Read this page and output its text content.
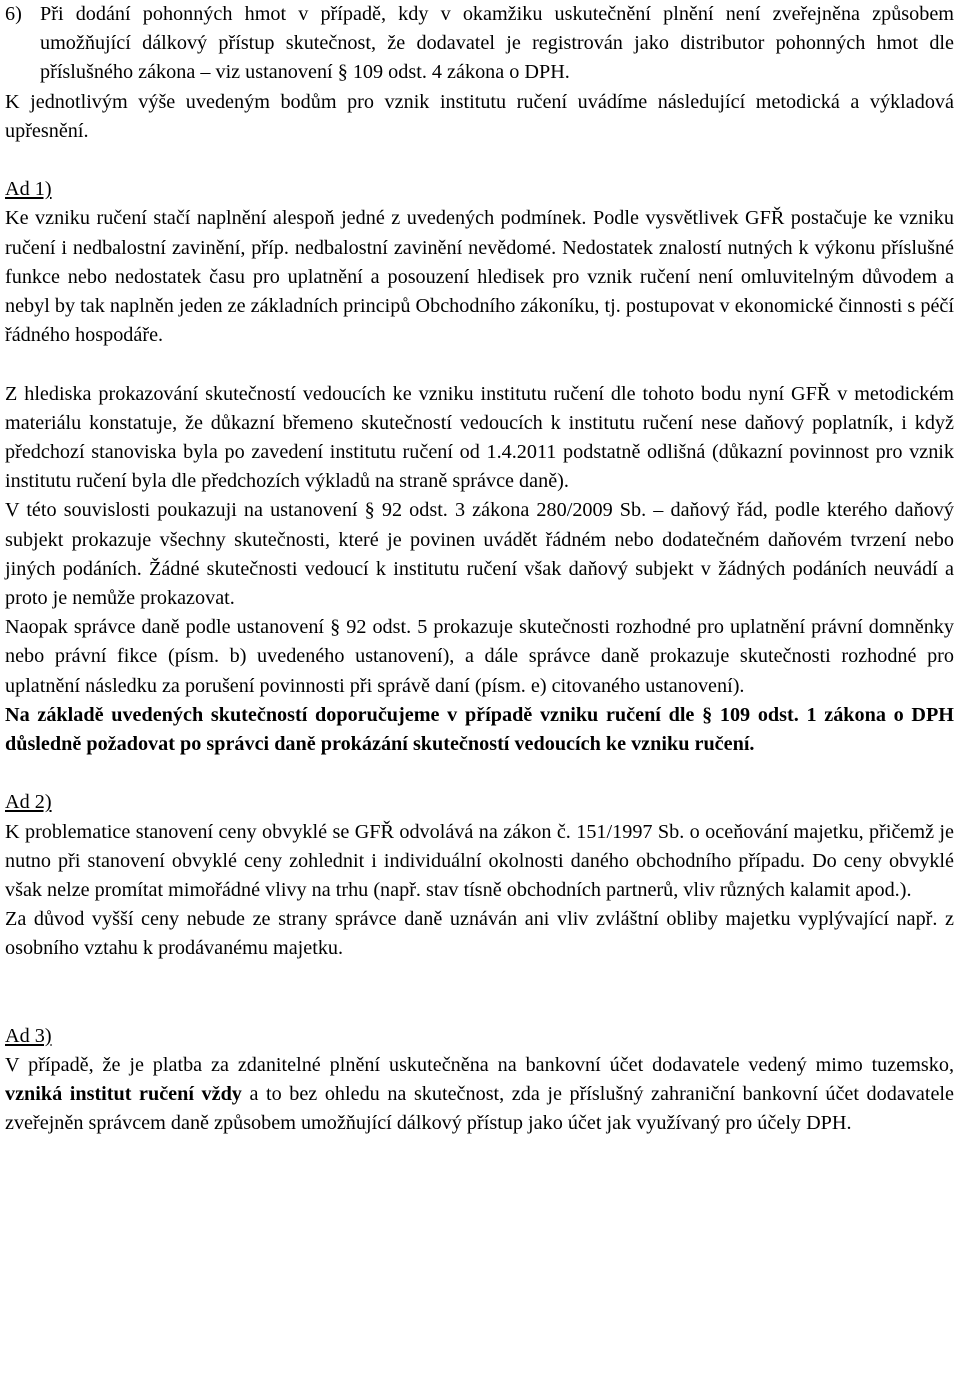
6) Při dodání pohonných hmot v případě, kdy v okamžiku uskutečnění plnění není zveřejněna způsobem umožňující dálkový přístup skutečnost, že dodavatel je registrován jako distributor pohonných hmot dle příslušného zákona – viz ustanovení § 109 odst. 4 zákona o DPH.

K jednotlivým výše uvedeným bodům pro vznik institutu ručení uvádíme následující metodická a výkladová upřesnění.

Ad 1)

Ke vzniku ručení stačí naplnění alespoň jedné z uvedených podmínek. Podle vysvětlivek GFŘ postačuje ke vzniku ručení i nedbalostní zavinění, příp. nedbalostní zavinění nevědomé. Nedostatek znalostí nutných k výkonu příslušné funkce nebo nedostatek času pro uplatnění a posouzení hledisek pro vznik ručení není omluvitelným důvodem a nebyl by tak naplněn jeden ze základních principů Obchodního zákoníku, tj. postupovat v ekonomické činnosti s péčí řádného hospodáře.

Z hlediska prokazování skutečností vedoucích ke vzniku institutu ručení dle tohoto bodu nyní GFŘ v metodickém materiálu konstatuje, že důkazní břemeno skutečností vedoucích k institutu ručení nese daňový poplatník, i když předchozí stanoviska byla po zavedení institutu ručení od 1.4.2011 podstatně odlišná (důkazní povinnost pro vznik institutu ručení byla dle předchozích výkladů na straně správce daně).

V této souvislosti poukazuji na ustanovení § 92 odst. 3 zákona 280/2009 Sb. – daňový řád, podle kterého daňový subjekt prokazuje všechny skutečnosti, které je povinen uvádět řádném nebo dodatečném daňovém tvrzení nebo jiných podáních. Žádné skutečnosti vedoucí k institutu ručení však daňový subjekt v žádných podáních neuvádí a proto je nemůže prokazovat.

Naopak správce daně podle ustanovení § 92 odst. 5 prokazuje skutečnosti rozhodné pro uplatnění právní domněnky nebo právní fikce (písm. b) uvedeného ustanovení), a dále správce daně prokazuje skutečnosti rozhodné pro uplatnění následku za porušení povinnosti při správě daní (písm. e) citovaného ustanovení).

Na základě uvedených skutečností doporučujeme v případě vzniku ručení dle § 109 odst. 1 zákona o DPH důsledně požadovat po správci daně prokázání skutečností vedoucích ke vzniku ručení.

Ad 2)

K problematice stanovení ceny obvyklé se GFŘ odvolává na zákon č. 151/1997 Sb. o oceňování majetku, přičemž je nutno při stanovení obvyklé ceny zohlednit i individuální okolnosti daného obchodního případu. Do ceny obvyklé však nelze promítat mimořádné vlivy na trhu (např. stav tísně obchodních partnerů, vliv různých kalamit apod.).

Za důvod vyšší ceny nebude ze strany správce daně uznáván ani vliv zvláštní obliby majetku vyplývající např. z osobního vztahu k prodávanému majetku.

Ad 3)

V případě, že je platba za zdanitelné plnění uskutečněna na bankovní účet dodavatele vedený mimo tuzemsko, vzniká institut ručení vždy a to bez ohledu na skutečnost, zda je příslušný zahraniční bankovní účet dodavatele zveřejněn správcem daně způsobem umožňující dálkový přístup jako účet jak využívaný pro účely DPH.
